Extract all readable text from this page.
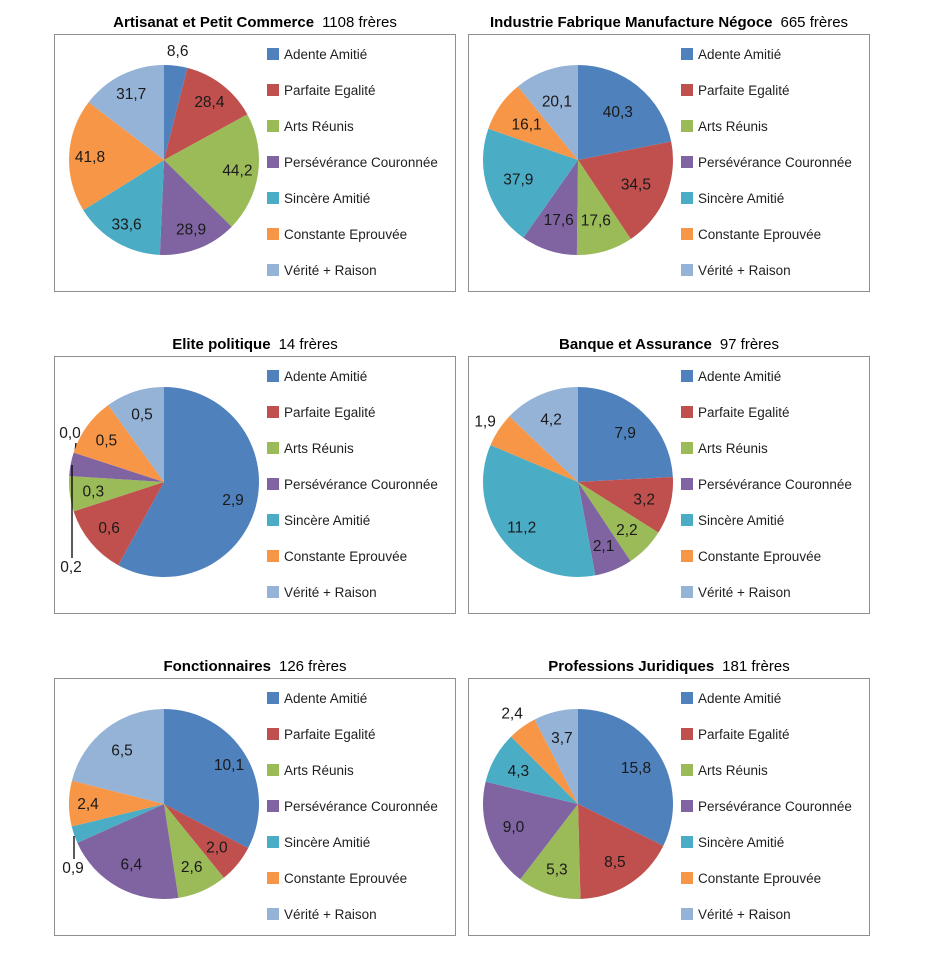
Artisanat et Petit Commerce 1108 frères
8,6
28,4
44,2
28,9
33,6
41,8
31,7
Adente Amitié
Parfaite Egalité
Arts Réunis
Persévérance Couronnée
Sincère Amitié
Constante Eprouvée
Vérité + Raison
Industrie Fabrique Manufacture Négoce 665 frères
40,3
34,5
17,6
17,6
37,9
16,1
20,1
Adente Amitié
Parfaite Egalité
Arts Réunis
Persévérance Couronnée
Sincère Amitié
Constante Eprouvée
Vérité + Raison
Elite politique 14 frères
2,9
0,6
0,3
0,2
0,0 0,5
0,5
Adente Amitié
Parfaite Egalité
Arts Réunis
Persévérance Couronnée
Sincère Amitié
Constante Eprouvée
Vérité + Raison
Banque et Assurance 97 frères
7,9
3,2
2,2
2,1
11,2
1,9	4,2
Adente Amitié
Parfaite Egalité
Arts Réunis
Persévérance Couronnée
Sincère Amitié
Constante Eprouvée
Vérité + Raison
Fonctionnaires 126 frères
10,1
2,0
2,6
6,4
0,9
2,4
6,5
Adente Amitié
Parfaite Egalité
Arts Réunis
Persévérance Couronnée
Sincère Amitié
Constante Eprouvée
Vérité + Raison
Professions Juridiques 181 frères
15,8
8,5
5,3
9,0
4,3
2,4
3,7
Adente Amitié
Parfaite Egalité
Arts Réunis
Persévérance Couronnée
Sincère Amitié
Constante Eprouvée
Vérité + Raison
